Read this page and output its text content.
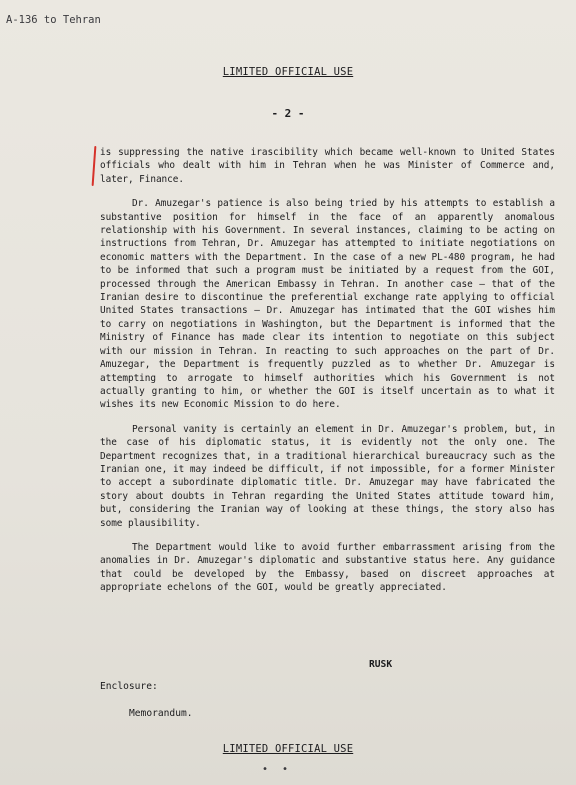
A-136 to Tehran
LIMITED OFFICIAL USE
- 2 -

is suppressing the native irascibility which became well-known to United States officials who dealt with him in Tehran when he was Minister of Commerce and, later, Finance.

Dr. Amuzegar's patience is also being tried by his attempts to establish a substantive position for himself in the face of an apparently anomalous relationship with his Government. In several instances, claiming to be acting on instructions from Tehran, Dr. Amuzegar has attempted to initiate negotiations on economic matters with the Department. In the case of a new PL-480 program, he had to be informed that such a program must be initiated by a request from the GOI, processed through the American Embassy in Tehran. In another case — that of the Iranian desire to discontinue the preferential exchange rate applying to official United States transactions — Dr. Amuzegar has intimated that the GOI wishes him to carry on negotiations in Washington, but the Department is informed that the Ministry of Finance has made clear its intention to negotiate on this subject with our mission in Tehran. In reacting to such approaches on the part of Dr. Amuzegar, the Department is frequently puzzled as to whether Dr. Amuzegar is attempting to arrogate to himself authorities which his Government is not actually granting to him, or whether the GOI is itself uncertain as to what it wishes its new Economic Mission to do here.

Personal vanity is certainly an element in Dr. Amuzegar's problem, but, in the case of his diplomatic status, it is evidently not the only one. The Department recognizes that, in a traditional hierarchical bureaucracy such as the Iranian one, it may indeed be difficult, if not impossible, for a former Minister to accept a subordinate diplomatic title. Dr. Amuzegar may have fabricated the story about doubts in Tehran regarding the United States attitude toward him, but, considering the Iranian way of looking at these things, the story also has some plausibility.

The Department would like to avoid further embarrassment arising from the anomalies in Dr. Amuzegar's diplomatic and substantive status here. Any guidance that could be developed by the Embassy, based on discreet approaches at appropriate echelons of the GOI, would be greatly appreciated.

RUSK
Enclosure:
Memorandum.
LIMITED OFFICIAL USE
• •
